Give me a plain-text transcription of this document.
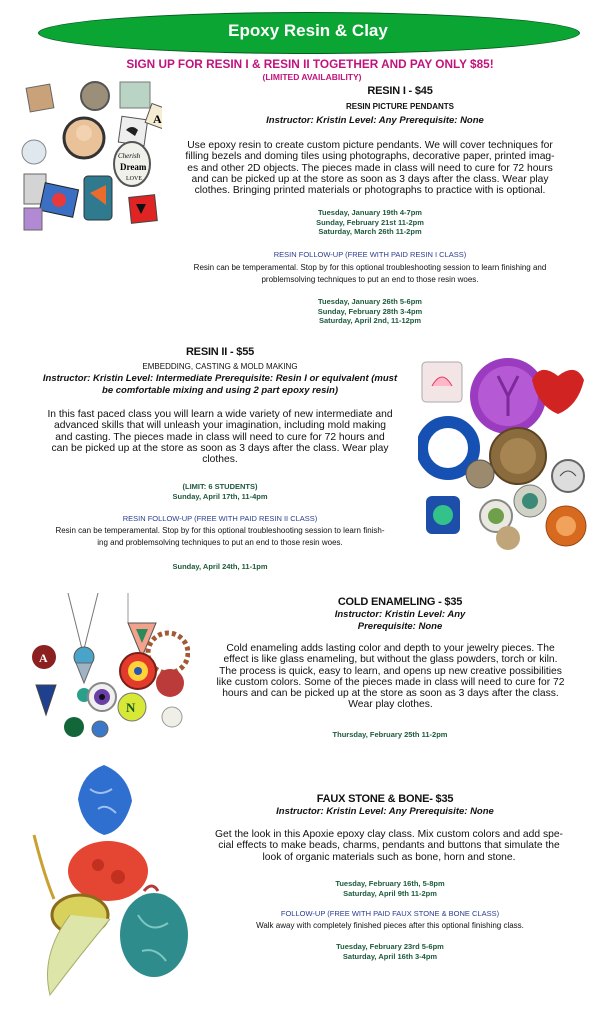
Epoxy Resin & Clay
SIGN UP FOR RESIN I & RESIN II TOGETHER AND PAY ONLY $85!
(LIMITED AVAILABILITY)
A
Cherish
Dream
LOVE
RESIN I - $45
RESIN PICTURE PENDANTS
Instructor: Kristin Level: Any Prerequisite: None
Use epoxy resin to create custom picture pendants. We will cover techniques for
filling bezels and doming tiles using photographs, decorative paper, printed imag-
es and other 2D objects. The pieces made in class will need to cure for 72 hours
and can be picked up at the store as soon as 3 days after the class. Wear play
clothes. Bringing printed materials or photographs to practice with is optional.
Tuesday, January 19th 4-7pm
Sunday, February 21st 11-2pm
Saturday, March 26th 11-2pm
RESIN FOLLOW-UP (FREE WITH PAID RESIN I CLASS)
Resin can be temperamental. Stop by for this optional troubleshooting session to learn finishing and
problemsolving techniques to put an end to those resin woes.
Tuesday, January 26th 5-6pm
Sunday, February 28th 3-4pm
Saturday, April 2nd, 11-12pm
RESIN II - $55
EMBEDDING, CASTING & MOLD MAKING
Instructor: Kristin Level: Intermediate Prerequisite: Resin I or equivalent (must
be comfortable mixing and using 2 part epoxy resin)
In this fast paced class you will learn a wide variety of new intermediate and
advanced skills that will unleash your imagination, including mold making
and casting. The pieces made in class will need to cure for 72 hours and
can be picked up at the store as soon as 3 days after the class. Wear play
clothes.
(LIMIT: 6 STUDENTS)
Sunday, April 17th, 11-4pm
RESIN FOLLOW-UP (FREE WITH PAID RESIN II CLASS)
Resin can be temperamental. Stop by for this optional troubleshooting session to learn finish-
ing and problemsolving techniques to put an end to those resin woes.
Sunday, April 24th, 11-1pm
A
N
COLD ENAMELING - $35
Instructor: Kristin Level: Any
Prerequisite: None
Cold enameling adds lasting color and depth to your jewelry pieces. The
effect is like glass enameling, but without the glass powders, torch or kiln.
The process is quick, easy to learn, and opens up new creative possibilities
like custom colors. Some of the pieces made in class will need to cure for 72
hours and can be picked up at the store as soon as 3 days after the class.
Wear play clothes.
Thursday, February 25th 11-2pm
FAUX STONE & BONE- $35
Instructor: Kristin Level: Any Prerequisite: None
Get the look in this Apoxie epoxy clay class. Mix custom colors and add spe-
cial effects to make beads, charms, pendants and buttons that simulate the
look of organic materials such as bone, horn and stone.
Tuesday, February 16th, 5-8pm
Saturday, April 9th 11-2pm
FOLLOW-UP (FREE WITH PAID FAUX STONE & BONE CLASS)
Walk away with completely finished pieces after this optional finishing class.
Tuesday, February 23rd 5-6pm
Saturday, April 16th 3-4pm
